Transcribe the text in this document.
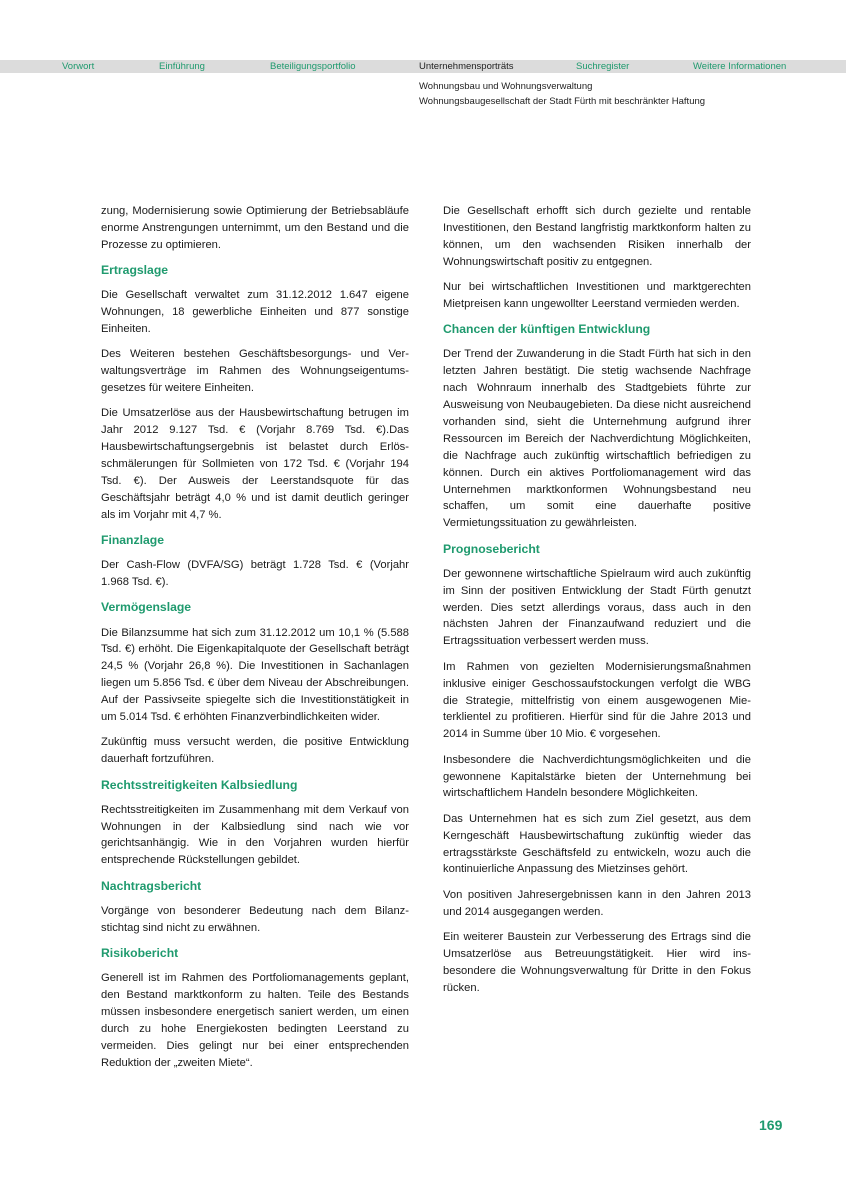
Vorwort	Einführung	Beteiligungsportfolio	Unternehmensporträts	Suchregister	Weitere Informationen
Wohnungsbau und Wohnungsverwaltung
Wohnungsbaugesellschaft der Stadt Fürth mit beschränkter Haftung

zung, Modernisierung sowie Optimierung der Betriebsabläufe enorme Anstrengungen unternimmt, um den Bestand und die Prozesse zu optimieren.

Ertragslage

Die Gesellschaft verwaltet zum 31.12.2012 1.647 eigene Wohnungen, 18 gewerbliche Einheiten und 877 sonstige Einheiten.

Des Weiteren bestehen Geschäftsbesorgungs- und Verwaltungsverträge im Rahmen des Wohnungseigentumsgesetzes für weitere Einheiten.

Die Umsatzerlöse aus der Hausbewirtschaftung betrugen im Jahr 2012 9.127 Tsd. € (Vorjahr 8.769 Tsd. €).Das Hausbewirtschaftungsergebnis ist belastet durch Erlösschmälerungen für Sollmieten von 172 Tsd. € (Vorjahr 194 Tsd. €). Der Ausweis der Leerstandsquote für das Geschäftsjahr beträgt 4,0 % und ist damit deutlich geringer als im Vorjahr mit 4,7 %.

Finanzlage

Der Cash-Flow (DVFA/SG) beträgt 1.728 Tsd. € (Vorjahr 1.968 Tsd. €).

Vermögenslage

Die Bilanzsumme hat sich zum 31.12.2012 um 10,1 % (5.588 Tsd. €) erhöht. Die Eigenkapitalquote der Gesellschaft beträgt 24,5 % (Vorjahr 26,8 %). Die Investitionen in Sachanlagen liegen um 5.856 Tsd. € über dem Niveau der Abschreibungen. Auf der Passivseite spiegelte sich die Investitionstätigkeit in um 5.014 Tsd. € erhöhten Finanzverbindlichkeiten wider.

Zukünftig muss versucht werden, die positive Entwicklung dauerhaft fortzuführen.

Rechtsstreitigkeiten Kalbsiedlung

Rechtsstreitigkeiten im Zusammenhang mit dem Verkauf von Wohnungen in der Kalbsiedlung sind nach wie vor gerichtsanhängig. Wie in den Vorjahren wurden hierfür entsprechende Rückstellungen gebildet.

Nachtragsbericht

Vorgänge von besonderer Bedeutung nach dem Bilanzstichtag sind nicht zu erwähnen.

Risikobericht

Generell ist im Rahmen des Portfoliomanagements geplant, den Bestand marktkonform zu halten. Teile des Bestands müssen insbesondere energetisch saniert werden, um einen durch zu hohe Energiekosten bedingten Leerstand zu vermeiden. Dies gelingt nur bei einer entsprechenden Reduktion der „zweiten Miete“.

Die Gesellschaft erhofft sich durch gezielte und rentable Investitionen, den Bestand langfristig marktkonform halten zu können, um den wachsenden Risiken innerhalb der Wohnungswirtschaft positiv zu entgegnen.

Nur bei wirtschaftlichen Investitionen und marktgerechten Mietpreisen kann ungewollter Leerstand vermieden werden.

Chancen der künftigen Entwicklung

Der Trend der Zuwanderung in die Stadt Fürth hat sich in den letzten Jahren bestätigt. Die stetig wachsende Nachfrage nach Wohnraum innerhalb des Stadtgebiets führte zur Ausweisung von Neubaugebieten. Da diese nicht ausreichend vorhanden sind, sieht die Unternehmung aufgrund ihrer Ressourcen im Bereich der Nachverdichtung Möglichkeiten, die Nachfrage auch zukünftig wirtschaftlich befriedigen zu können. Durch ein aktives Portfoliomanagement wird das Unternehmen marktkonformen Wohnungsbestand neu schaffen, um somit eine dauerhafte positive Vermietungssituation zu gewährleisten.

Prognosebericht

Der gewonnene wirtschaftliche Spielraum wird auch zukünftig im Sinn der positiven Entwicklung der Stadt Fürth genutzt werden. Dies setzt allerdings voraus, dass auch in den nächsten Jahren der Finanzaufwand reduziert und die Ertragssituation verbessert werden muss.

Im Rahmen von gezielten Modernisierungsmaßnahmen inklusive einiger Geschossaufstockungen verfolgt die WBG die Strategie, mittelfristig von einem ausgewogenen Mieterklientel zu profitieren. Hierfür sind für die Jahre 2013 und 2014 in Summe über 10 Mio. € vorgesehen.

Insbesondere die Nachverdichtungsmöglichkeiten und die gewonnene Kapitalstärke bieten der Unternehmung bei wirtschaftlichem Handeln besondere Möglichkeiten.

Das Unternehmen hat es sich zum Ziel gesetzt, aus dem Kerngeschäft Hausbewirtschaftung zukünftig wieder das ertragsstärkste Geschäftsfeld zu entwickeln, wozu auch die kontinuierliche Anpassung des Mietzinses gehört.

Von positiven Jahresergebnissen kann in den Jahren 2013 und 2014 ausgegangen werden.

Ein weiterer Baustein zur Verbesserung des Ertrags sind die Umsatzerlöse aus Betreuungstätigkeit. Hier wird insbesondere die Wohnungsverwaltung für Dritte in den Fokus rücken.

169
